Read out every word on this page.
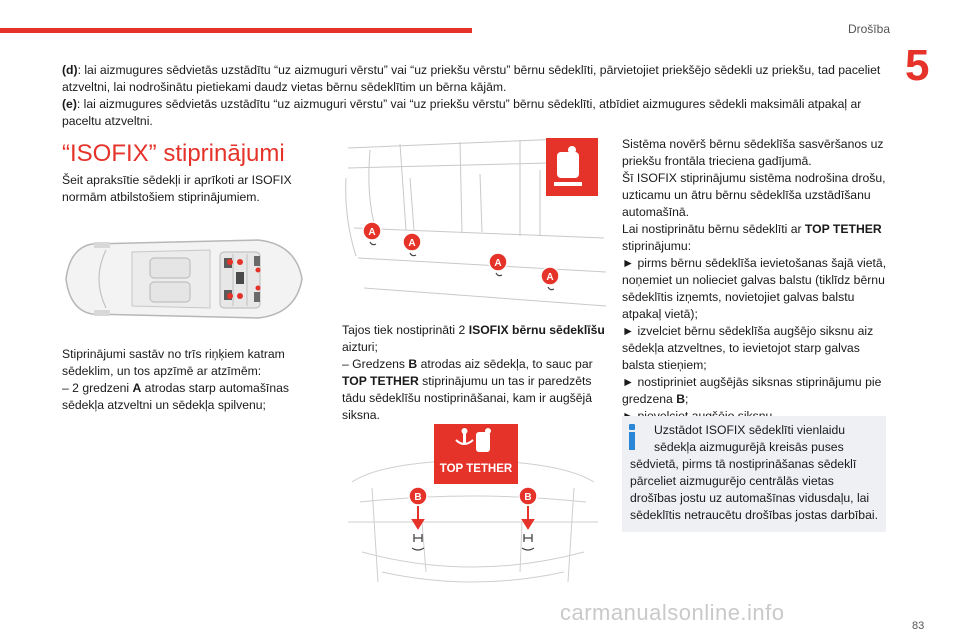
Drošība
5

(d): lai aizmugures sēdvietās uzstādītu “uz aizmuguri vērstu” vai “uz priekšu vērstu” bērnu sēdeklīti, pārvietojiet priekšējo sēdekli uz priekšu, tad paceliet atzveltni, lai nodrošinātu pietiekami daudz vietas bērnu sēdeklītim un bērna kājām.

(e): lai aizmugures sēdvietās uzstādītu “uz aizmuguri vērstu” vai “uz priekšu vērstu” bērnu sēdeklīti, atbīdiet aizmugures sēdekli maksimāli atpakaļ ar paceltu atzveltni.

“ISOFIX” stiprinājumi

Šeit apraksītie sēdekļi ir aprīkoti ar ISOFIX normām atbilstošiem stiprinājumiem.

Stiprinājumi sastāv no trīs riņķiem katram sēdeklim, un tos apzīmē ar atzīmēm:

– 2 gredzeni A atrodas starp automašīnas sēdekļa atzveltni un sēdekļa spilvenu;

A
A
A
A

Tajos tiek nostiprināti 2 ISOFIX bērnu sēdeklīšu aizturi;

– Gredzens B atrodas aiz sēdekļa, to sauc par TOP TETHER stiprinājumu un tas ir paredzēts tādu sēdeklīšu nostiprināšanai, kam ir augšējā siksna.

TOP TETHER
B	B

Sistēma novērš bērnu sēdeklīša sasvēršanos uz priekšu frontāla trieciena gadījumā.

Šī ISOFIX stiprinājumu sistēma nodrošina drošu, uzticamu un ātru bērnu sēdeklīša uzstādīšanu automašīnā.

Lai nostiprinātu bērnu sēdeklīti ar TOP TETHER stiprinājumu:

► pirms bērnu sēdeklīša ievietošanas šajā vietā, noņemiet un nolieciet galvas balstu (tiklīdz bērnu sēdeklītis izņemts, novietojiet galvas balstu atpakaļ vietā);

► izvelciet bērnu sēdeklīša augšējo siksnu aiz sēdekļa atzveltnes, to ievietojot starp galvas balsta stieņiem;

► nostipriniet augšējās siksnas stiprinājumu pie gredzena B;

Uzstādot ISOFIX sēdeklīti vienlaidu sēdekļa aizmugurējā kreisās puses
sēdvietā, pirms tā nostiprināšanas sēdeklī pārceliet aizmugurējo centrālās vietas drošības jostu uz automašīnas vidusdaļu, lai sēdeklītis netraucētu drošības jostas darbībai.
carmanualsonline.info
83
